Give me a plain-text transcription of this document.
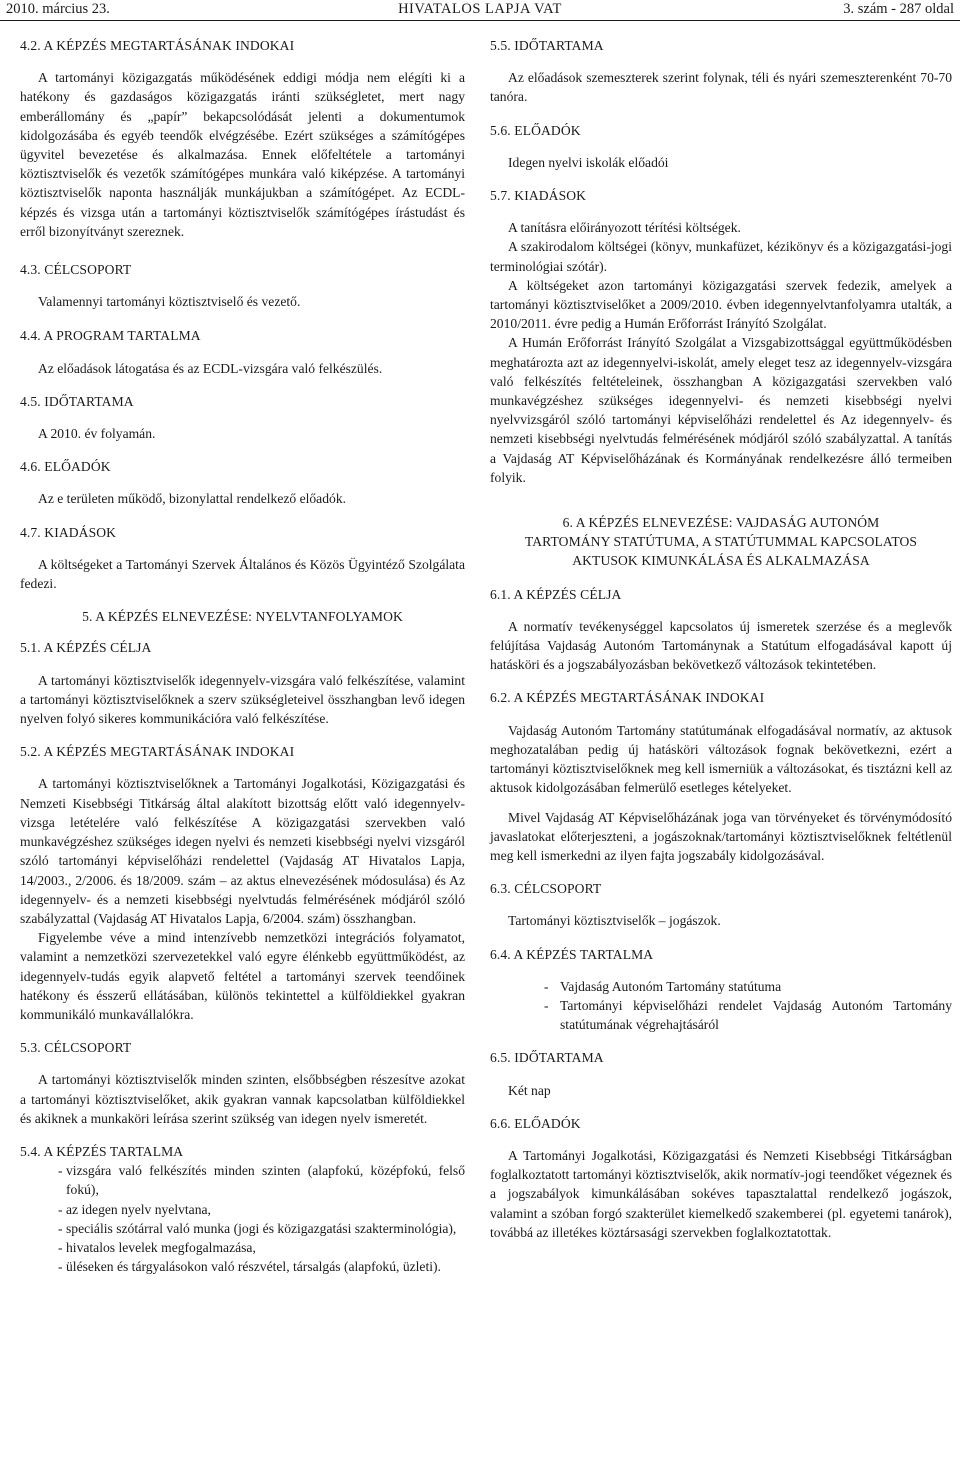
2010. március 23.	HIVATALOS LAPJA VAT	3. szám - 287 oldal
4.2. A KÉPZÉS MEGTARTÁSÁNAK INDOKAI

A tartományi közigazgatás működésének eddigi módja nem elégíti ki a hatékony és gazdaságos közigazgatás iránti szükségletet, mert nagy emberállomány és „papír” bekapcsolódását jelenti a dokumentumok kidolgozásába és egyéb teendők elvégzésébe. Ezért szükséges a számítógépes ügyvitel bevezetése és alkalmazása. Ennek előfeltétele a tartományi köztisztviselők és vezetők számítógépes munkára való kiképzése. A tartományi köztisztviselők naponta használják munkájukban a számítógépet. Az ECDL-képzés és vizsga után a tartományi köztisztviselők számítógépes írástudást és erről bizonyítványt szereznek.

4.3. CÉLCSOPORT

Valamennyi tartományi köztisztviselő és vezető.

4.4. A PROGRAM TARTALMA

Az előadások látogatása és az ECDL-vizsgára való felkészülés.

4.5. IDŐTARTAMA

A 2010. év folyamán.

4.6. ELŐADÓK

Az e területen működő, bizonylattal rendelkező előadók.

4.7. KIADÁSOK

A költségeket a Tartományi Szervek Általános és Közös Ügyintéző Szolgálata fedezi.

5. A KÉPZÉS ELNEVEZÉSE: NYELVTANFOLYAMOK
5.1. A KÉPZÉS CÉLJA

A tartományi köztisztviselők idegennyelv-vizsgára való felkészítése, valamint a tartományi köztisztviselőknek a szerv szükségleteivel összhangban levő idegen nyelven folyó sikeres kommunikációra való felkészítése.

5.2. A KÉPZÉS MEGTARTÁSÁNAK INDOKAI

A tartományi köztisztviselőknek a Tartományi Jogalkotási, Közigazgatási és Nemzeti Kisebbségi Titkárság által alakított bizottság előtt való idegennyelv-vizsga letételére való felkészítése A közigazgatási szervekben való munkavégzéshez szükséges idegen nyelvi és nemzeti kisebbségi nyelvi vizsgáról szóló tartományi képviselőházi rendelettel (Vajdaság AT Hivatalos Lapja, 14/2003., 2/2006. és 18/2009. szám – az aktus elnevezésének módosulása) és Az idegennyelv- és a nemzeti kisebbségi nyelvtudás felmérésének módjáról szóló szabályzattal (Vajdaság AT Hivatalos Lapja, 6/2004. szám) összhangban.

Figyelembe véve a mind intenzívebb nemzetközi integrációs folyamatot, valamint a nemzetközi szervezetekkel való egyre élénkebb együttműködést, az idegennyelv-tudás egyik alapvető feltétel a tartományi szervek teendőinek hatékony és ésszerű ellátásában, különös tekintettel a külföldiekkel gyakran kommunikáló munkavállalókra.

5.3. CÉLCSOPORT

A tartományi köztisztviselők minden szinten, elsőbbségben részesítve azokat a tartományi köztisztviselőket, akik gyakran vannak kapcsolatban külföldiekkel és akiknek a munkaköri leírása szerint szükség van idegen nyelv ismeretét.

5.4. A KÉPZÉS TARTALMA
- vizsgára való felkészítés minden szinten (alapfokú, középfokú, felső fokú),
- az idegen nyelv nyelvtana,
- speciális szótárral való munka (jogi és közigazgatási szakterminológia),
- hivatalos levelek megfogalmazása,
- üléseken és tárgyalásokon való részvétel, társalgás (alapfokú, üzleti).
5.5. IDŐTARTAMA

Az előadások szemeszterek szerint folynak, téli és nyári szemeszterenként 70-70 tanóra.

5.6. ELŐADÓK

Idegen nyelvi iskolák előadói

5.7. KIADÁSOK

A tanításra előirányozott térítési költségek.

A szakirodalom költségei (könyv, munkafüzet, kézikönyv és a közigazgatási-jogi terminológiai szótár).

A költségeket azon tartományi közigazgatási szervek fedezik, amelyek a tartományi köztisztviselőket a 2009/2010. évben idegennyelvtanfolyamra utalták, a 2010/2011. évre pedig a Humán Erőforrást Irányító Szolgálat.

A Humán Erőforrást Irányító Szolgálat a Vizsgabizottsággal együttműködésben meghatározta azt az idegennyelvi-iskolát, amely eleget tesz az idegennyelv-vizsgára való felkészítés feltételeinek, összhangban A közigazgatási szervekben való munkavégzéshez szükséges idegennyelvi- és nemzeti kisebbségi nyelvi nyelvvizsgáról szóló tartományi képviselőházi rendelettel és Az idegennyelv- és nemzeti kisebbségi nyelvtudás felmérésének módjáról szóló szabályzattal. A tanítás a Vajdaság AT Képviselőházának és Kormányának rendelkezésre álló termeiben folyik.

6. A KÉPZÉS ELNEVEZÉSE: VAJDASÁG AUTONÓM
TARTOMÁNY STATÚTUMA, A STATÚTUMMAL KAPCSOLATOS
AKTUSOK KIMUNKÁLÁSA ÉS ALKALMAZÁSA
6.1. A KÉPZÉS CÉLJA

A normatív tevékenységgel kapcsolatos új ismeretek szerzése és a meglevők felújítása Vajdaság Autonóm Tartománynak a Statútum elfogadásával kapott új hatásköri és a jogszabályozásban bekövetkező változások tekintetében.

6.2. A KÉPZÉS MEGTARTÁSÁNAK INDOKAI

Vajdaság Autonóm Tartomány statútumának elfogadásával normatív, az aktusok meghozatalában pedig új hatásköri változások fognak bekövetkezni, ezért a tartományi köztisztviselőknek meg kell ismerniük a változásokat, és tisztázni kell az aktusok kidolgozásában felmerülő esetleges kételyeket.

Mivel Vajdaság AT Képviselőházának joga van törvényeket és törvénymódosító javaslatokat előterjeszteni, a jogászoknak/tartományi köztisztviselőknek feltétlenül meg kell ismerkedni az ilyen fajta jogszabály kidolgozásával.

6.3. CÉLCSOPORT

Tartományi köztisztviselők – jogászok.

6.4. A KÉPZÉS TARTALMA
- Vajdaság Autonóm Tartomány statútuma
- Tartományi képviselőházi rendelet Vajdaság Autonóm Tartomány statútumának végrehajtásáról
6.5. IDŐTARTAMA

Két nap

6.6. ELŐADÓK

A Tartományi Jogalkotási, Közigazgatási és Nemzeti Kisebbségi Titkárságban foglalkoztatott tartományi köztisztviselők, akik normatív-jogi teendőket végeznek és a jogszabályok kimunkálásában sokéves tapasztalattal rendelkező jogászok, valamint a szóban forgó szakterület kiemelkedő szakemberei (pl. egyetemi tanárok), továbbá az illetékes köztársasági szervekben foglalkoztatottak.
